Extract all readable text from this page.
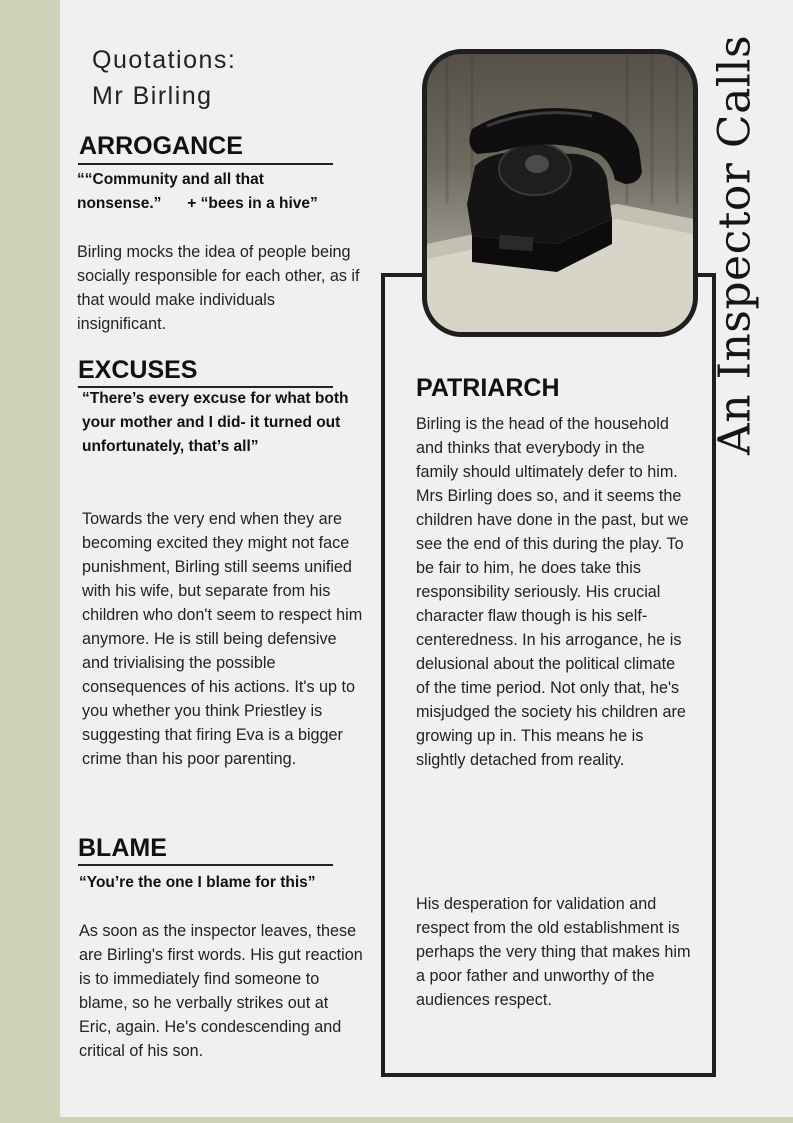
Quotations:
Mr Birling
ARROGANCE
““Community and all that
nonsense.”      + “bees in a hive”
Birling mocks the idea of people being socially responsible for each other, as if that would make individuals insignificant.
EXCUSES
“There’s every excuse for what both your mother and I did- it turned out unfortunately, that’s all”
Towards the very end when they are becoming excited they might not face punishment, Birling still seems unified with his wife, but separate from his children who don't seem to respect him anymore. He is still being defensive and trivialising the possible consequences of his actions. It's up to you whether you think Priestley is suggesting that firing Eva is a bigger crime than his poor parenting.
BLAME
“You’re the one I blame for this”
As soon as the inspector leaves, these are Birling's first words. His gut reaction is to immediately find someone to blame, so he verbally strikes out at Eric, again. He's condescending and critical of his son.
PATRIARCH
Birling is the head of the household and thinks that everybody in the family should ultimately defer to him. Mrs Birling does so, and it seems the children have done in the past, but we see the end of this during the play. To be fair to him, he does take this responsibility seriously. His crucial character flaw though is his self-centeredness. In his arrogance, he is delusional about the political climate of the time period. Not only that, he's misjudged the society his children are growing up in. This means he is slightly detached from reality.
His desperation for validation and respect from the old establishment is perhaps the very thing that makes him a poor father and unworthy of the audiences respect.
An Inspector Calls
